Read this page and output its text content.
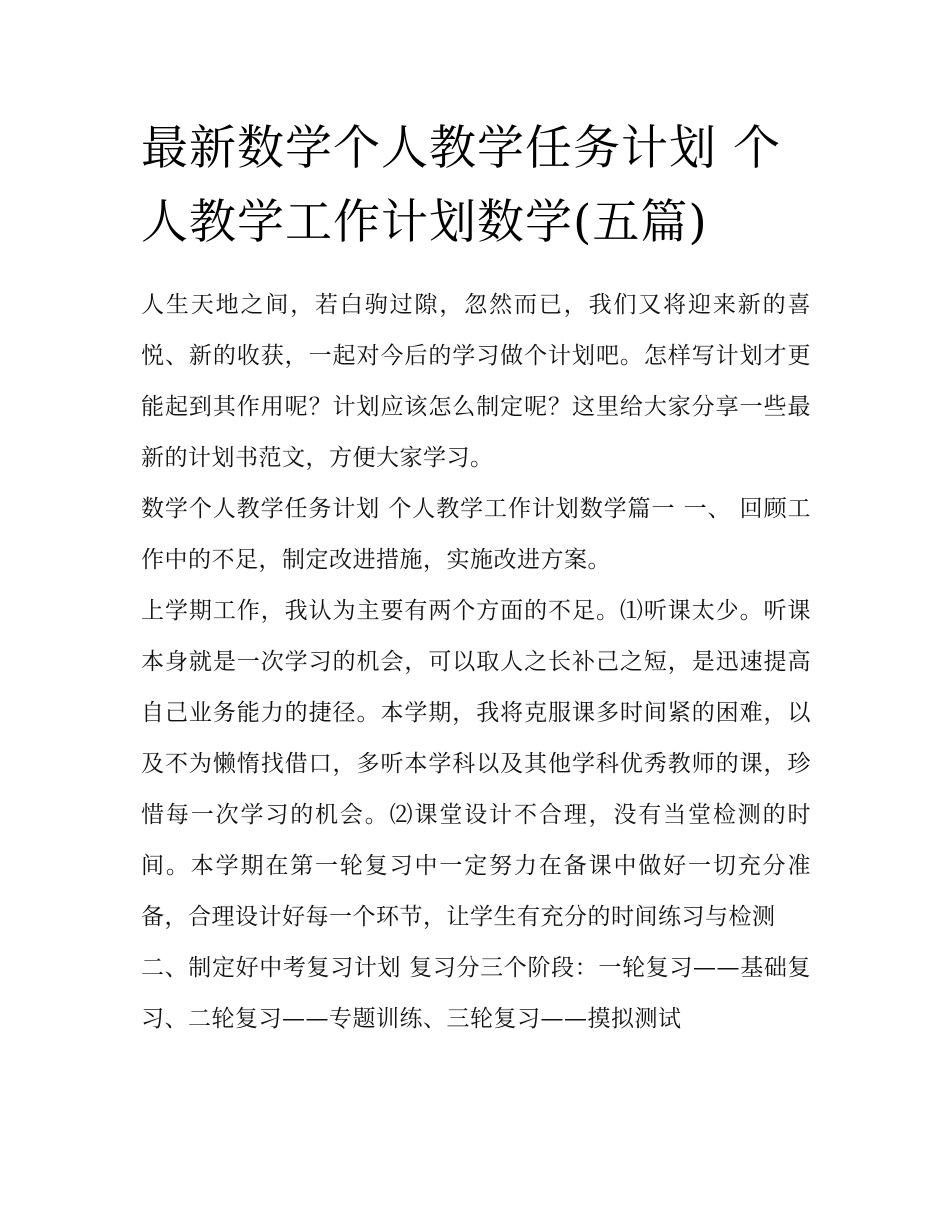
最新数学个人教学任务计划 个人教学工作计划数学(五篇)

人生天地之间，若白驹过隙，忽然而已，我们又将迎来新的喜悦、新的收获，一起对今后的学习做个计划吧。怎样写计划才更能起到其作用呢？计划应该怎么制定呢？这里给大家分享一些最新的计划书范文，方便大家学习。

数学个人教学任务计划 个人教学工作计划数学篇一 一、 回顾工作中的不足，制定改进措施，实施改进方案。

上学期工作，我认为主要有两个方面的不足。⑴听课太少。听课本身就是一次学习的机会，可以取人之长补己之短，是迅速提高自己业务能力的捷径。本学期，我将克服课多时间紧的困难，以及不为懒惰找借口，多听本学科以及其他学科优秀教师的课，珍惜每一次学习的机会。⑵课堂设计不合理，没有当堂检测的时间。本学期在第一轮复习中一定努力在备课中做好一切充分准备，合理设计好每一个环节，让学生有充分的时间练习与检测

二、制定好中考复习计划 复习分三个阶段：一轮复习——基础复习、二轮复习——专题训练、三轮复习——摸拟测试
